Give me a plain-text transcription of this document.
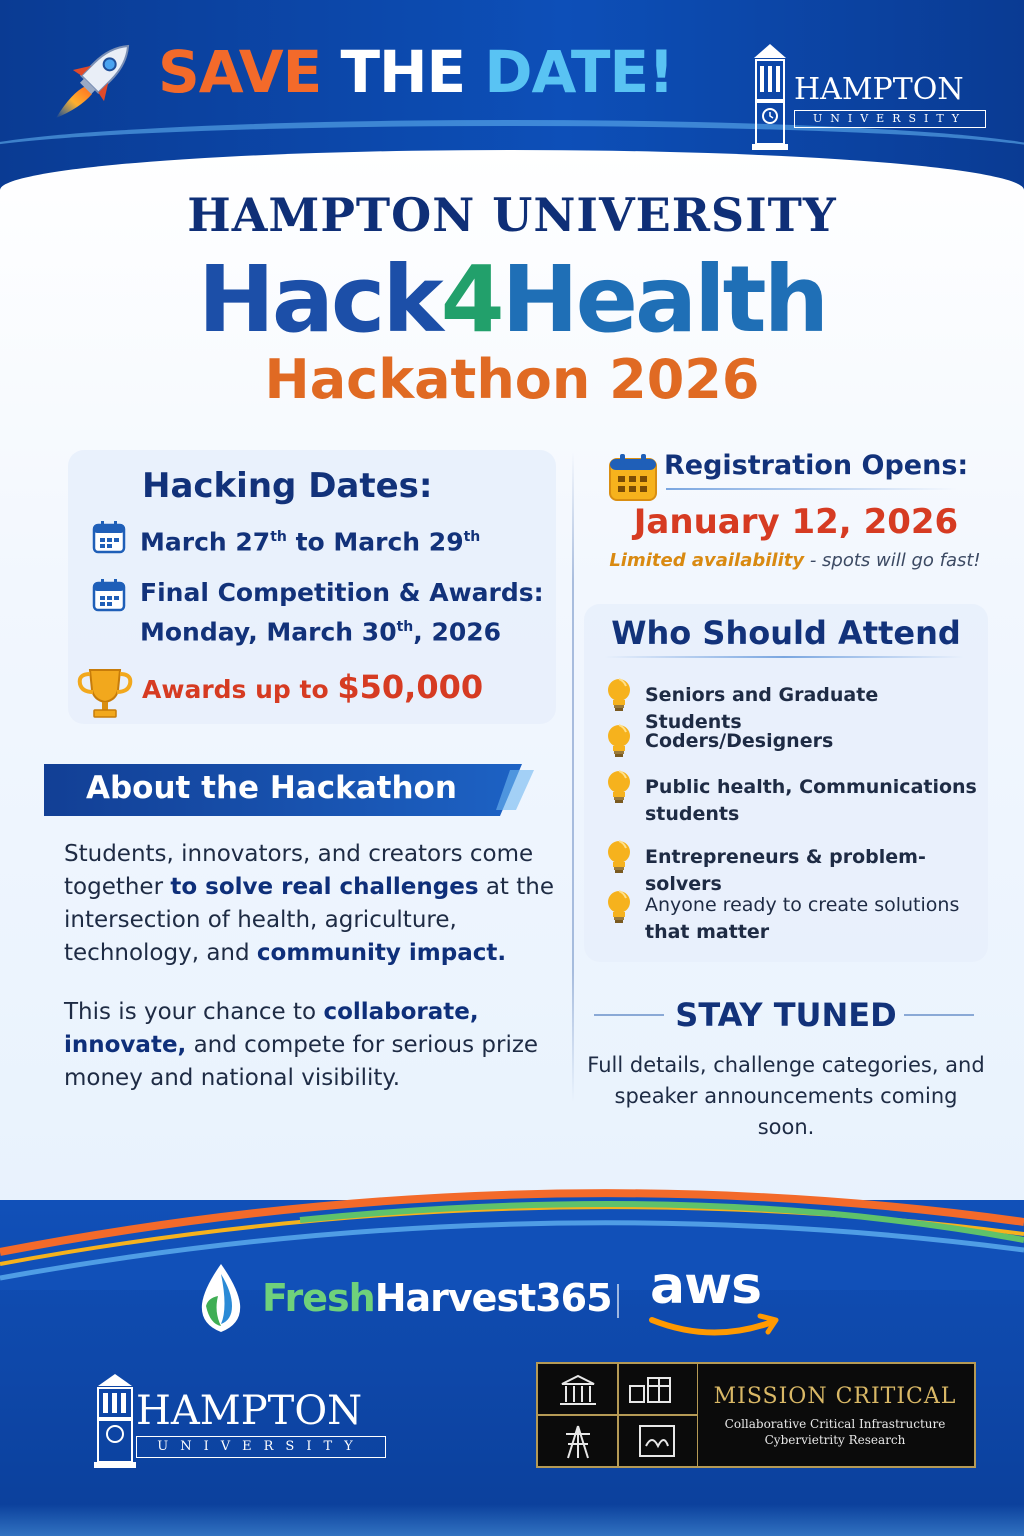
SAVE THE DATE!	HAMPTON
UNIVERSITY
HAMPTON UNIVERSITY
Hack4Health
Hackathon 2026
Hacking Dates:
March 27th to March 29th
Final Competition & Awards:
Monday, March 30th, 2026
Awards up to $50,000
About the Hackathon
Students, innovators, and creators come together to solve real challenges at the intersection of health, agriculture, technology, and community impact.
This is your chance to collaborate, innovate, and compete for serious prize money and national visibility.
Registration Opens:
January 12, 2026
Limited availability - spots will go fast!
Who Should Attend
Seniors and Graduate Students
Coders/Designers
Public health, Communications students
Entrepreneurs & problem-solvers
Anyone ready to create solutions that matter
STAY TUNED
Full details, challenge categories, and speaker announcements coming soon.
FreshHarvest365 aws
HAMPTON
UNIVERSITY
MISSION CRITICAL
Collaborative Critical Infrastructure
Cybervietrity Research
